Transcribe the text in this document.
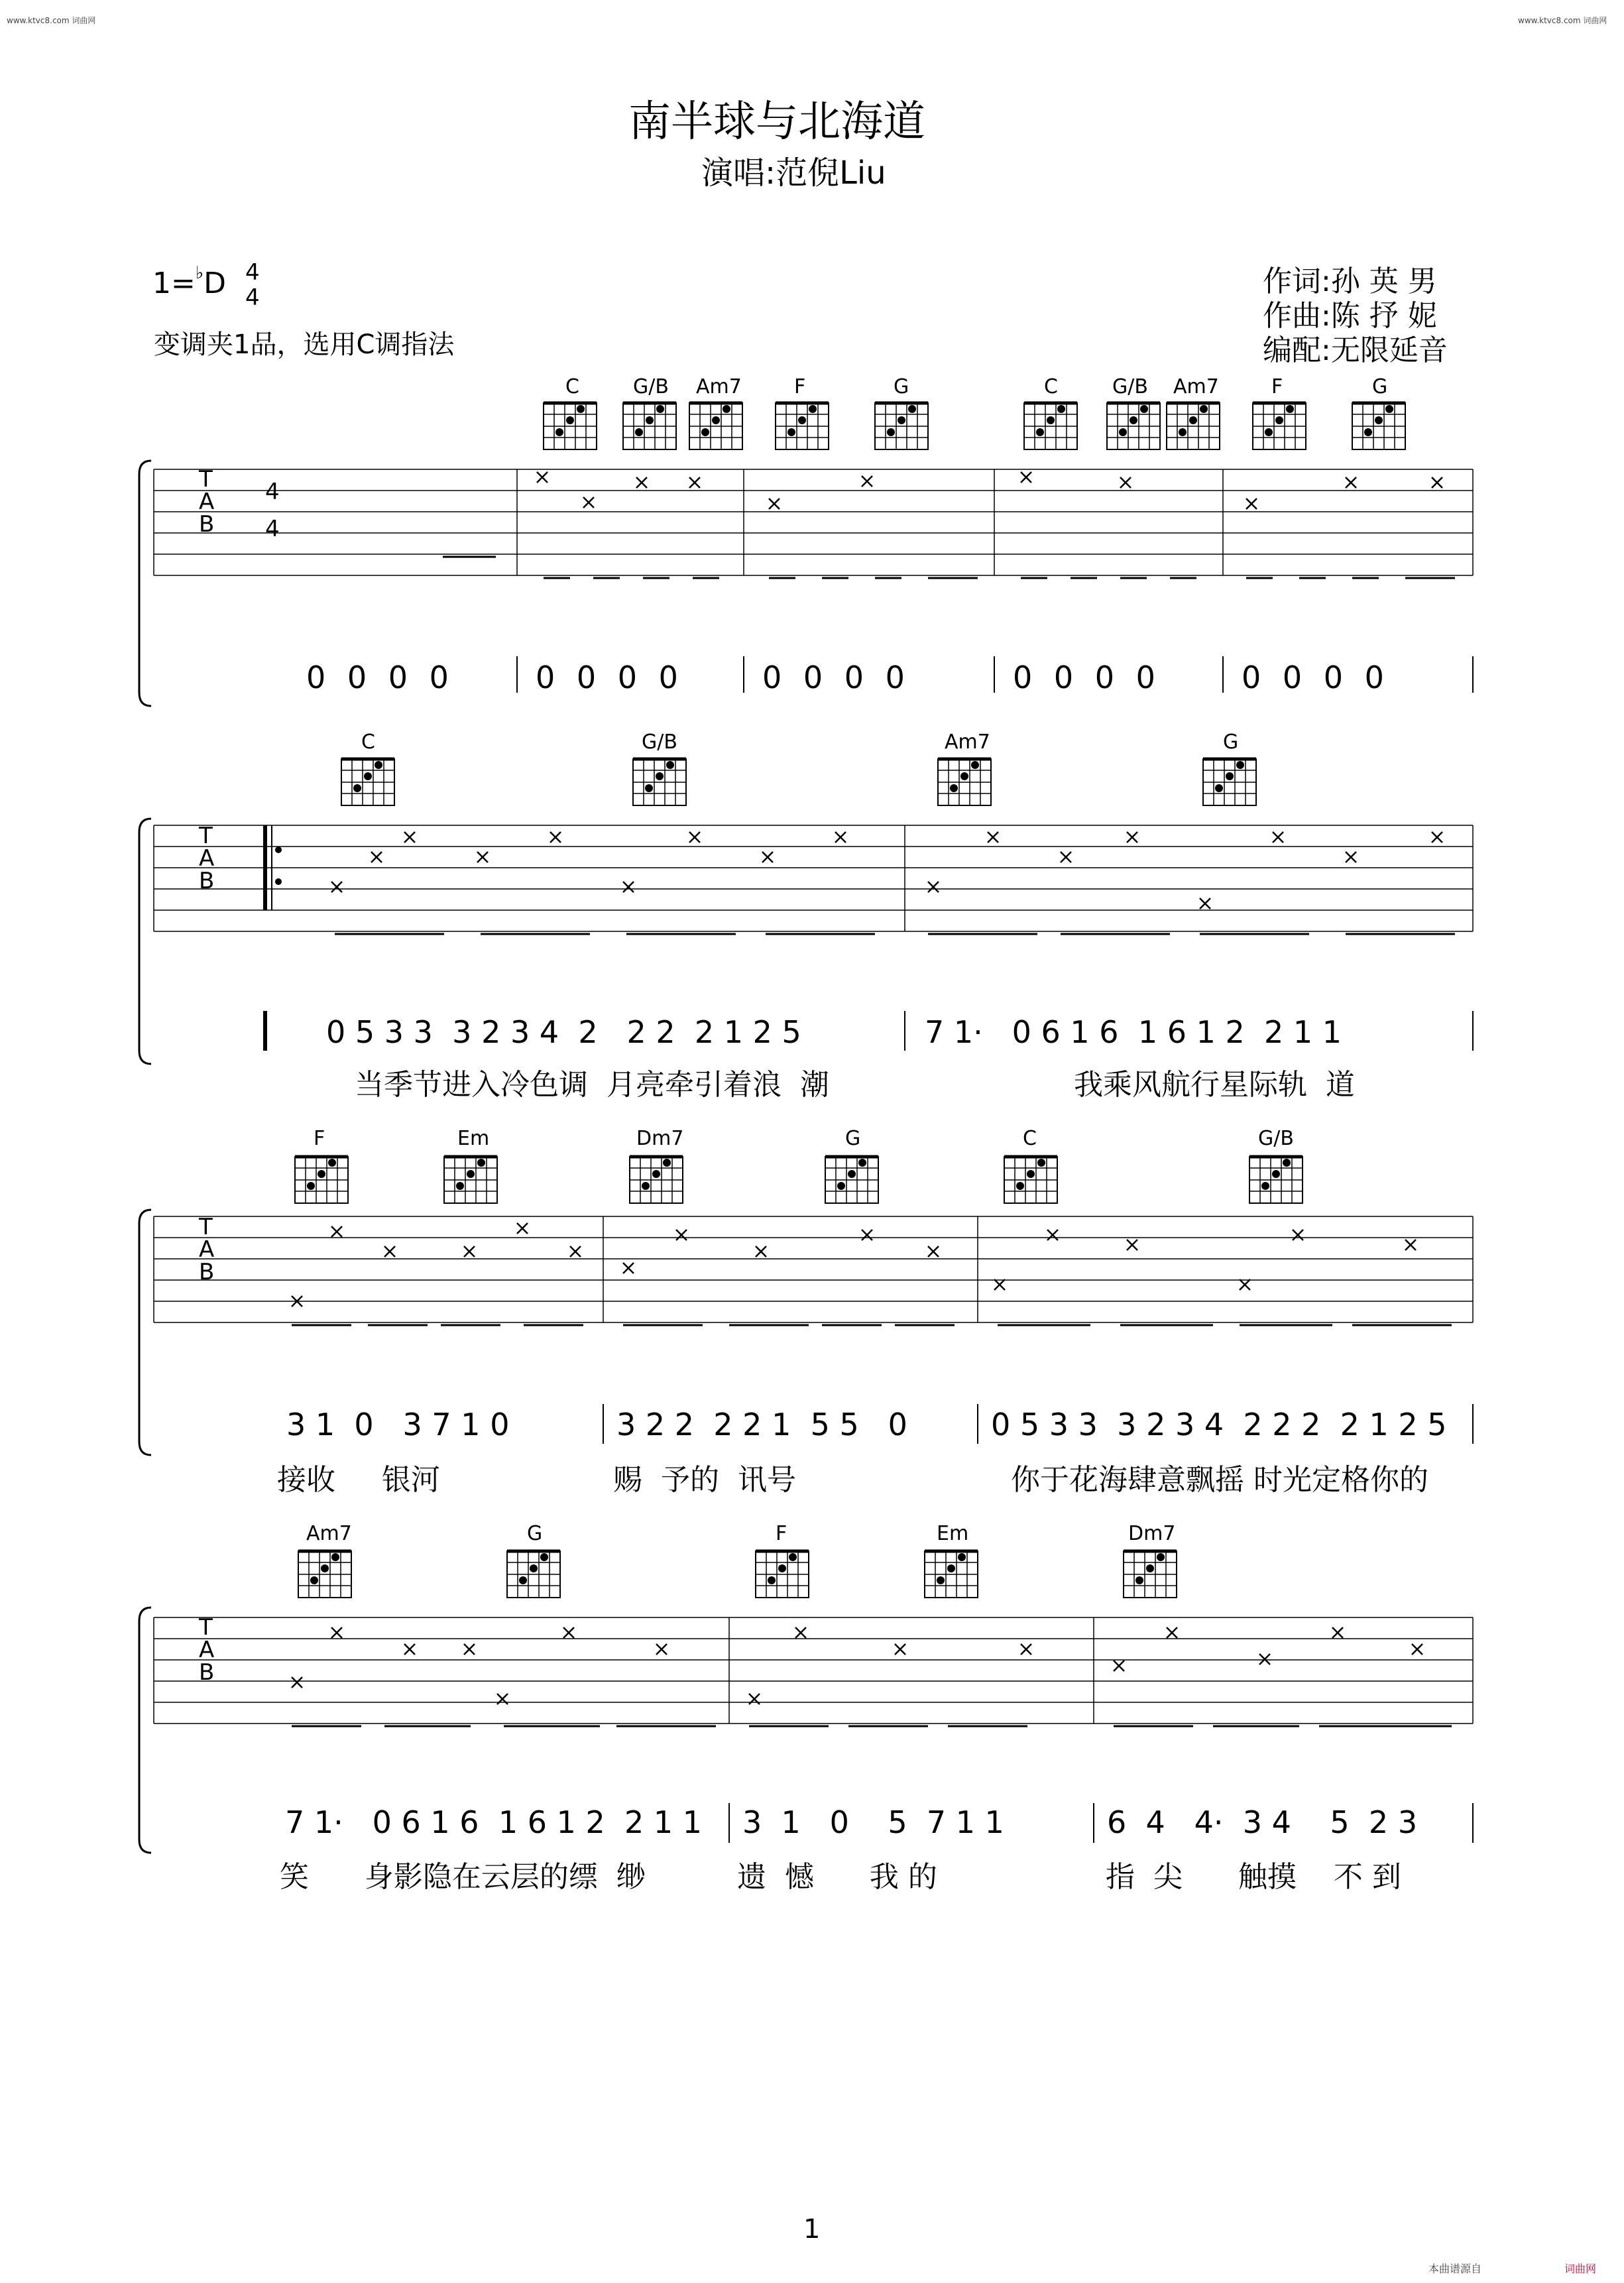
www.ktvc8.com 词曲网	www.ktvc8.com 词曲网
南半球与北海道
演唱:范倪Liu
1=♭D 4
4
变调夹1品，选用C调指法
作词:孙 英 男
作曲:陈 抒 妮
编配:无限延音
T
A
B
4
4
T
A
B
T
A
B
T
A
B
C	G/B Am7	F	G	C	G/B Am7	F	G
0 0 0 0	0 0 0 0	0 0 0 0	0 0 0 0	0 0 0 0
C	G/B	Am7	G
0 5 3 3  3 2 3 4  2   2 2  2 1 2 5	7 1·   0 6 1 6  1 6 1 2  2 1 1
当季节进入冷色调  月亮牵引着浪  潮	我乘风航行星际轨  道
F	Em	Dm7	G	C	G/B
3 1  0   3 7 1 0	3 2 2  2 2 1  5 5   0	0 5 3 3  3 2 3 4  2 2 2  2 1 2 5
接收     银河	赐  予的  讯号	你于花海肆意飘摇 时光定格你的
Am7	G	F	Em	Dm7
7 1·   0 6 1 6  1 6 1 2  2 1 1 3  1   0    5  7 1 1	6  4   4·  3 4    5  2 3
笑      身影隐在云层的缥  缈	遗  憾      我 的	指  尖      触摸    不 到
1
本曲谱源自	词曲网
